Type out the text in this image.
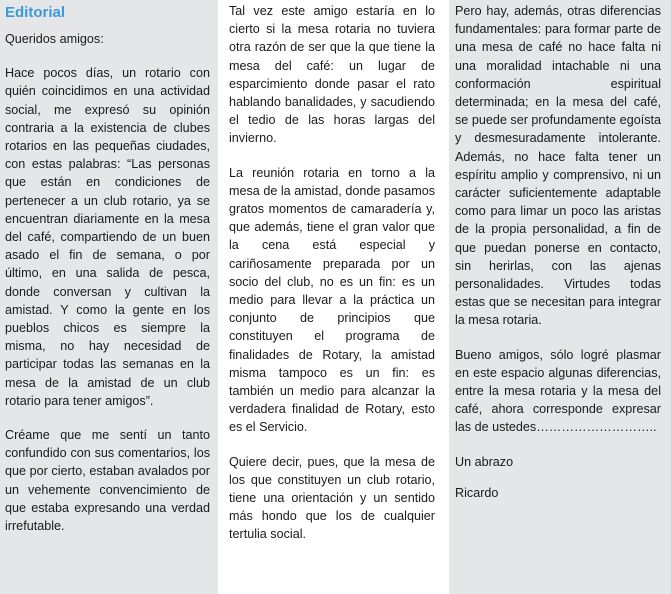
Editorial

Queridos amigos:

Hace pocos días, un rotario con quién coincidimos en una actividad social, me expresó su opinión contraria a la existencia de clubes rotarios en las pequeñas ciudades, con estas palabras: “Las personas que están en condiciones de pertenecer a un club rotario, ya se encuentran diariamente en la mesa del café, compartiendo de un buen asado el fin de semana, o por último, en una salida de pesca, donde conversan y cultivan la amistad. Y como la gente en los pueblos chicos es siempre la misma, no hay necesidad de participar todas las semanas en la mesa de la amistad de un club rotario para tener amigos”.

Créame que me sentí un tanto confundido con sus comentarios, los que por cierto, estaban avalados por un vehemente convencimiento de que estaba expresando una verdad irrefutable.

Tal vez este amigo estaría en lo cierto si la mesa rotaria no tuviera otra razón de ser que la que tiene la mesa del café: un lugar de esparcimiento donde pasar el rato hablando banalidades, y sacudiendo el tedio de las horas largas del invierno.

La reunión rotaria en torno a la mesa de la amistad, donde pasamos gratos momentos de camaradería y, que además, tiene el gran valor que la cena está especial y cariñosamente preparada por un socio del club, no es un fin: es un medio para llevar a la práctica un conjunto de principios que constituyen el programa de finalidades de Rotary, la amistad misma tampoco es un fin: es también un medio para alcanzar la verdadera finalidad de Rotary, esto es el Servicio.

Quiere decir, pues, que la mesa de los que constituyen un club rotario, tiene una orientación y un sentido más hondo que los de cualquier tertulia social.

Pero hay, además, otras diferencias fundamentales: para formar parte de una mesa de café no hace falta ni una moralidad intachable ni una conformación espiritual determinada; en la mesa del café, se puede ser profundamente egoísta y desmesuradamente intolerante. Además, no hace falta tener un espíritu amplio y comprensivo, ni un carácter suficientemente adaptable como para limar un poco las aristas de la propia personalidad, a fin de que puedan ponerse en contacto, sin herirlas, con las ajenas personalidades. Virtudes todas estas que se necesitan para integrar la mesa rotaria.

Bueno amigos, sólo logré plasmar en este espacio algunas diferencias, entre la mesa rotaria y la mesa del café, ahora corresponde expresar las de ustedes………………………..

Un abrazo

Ricardo
